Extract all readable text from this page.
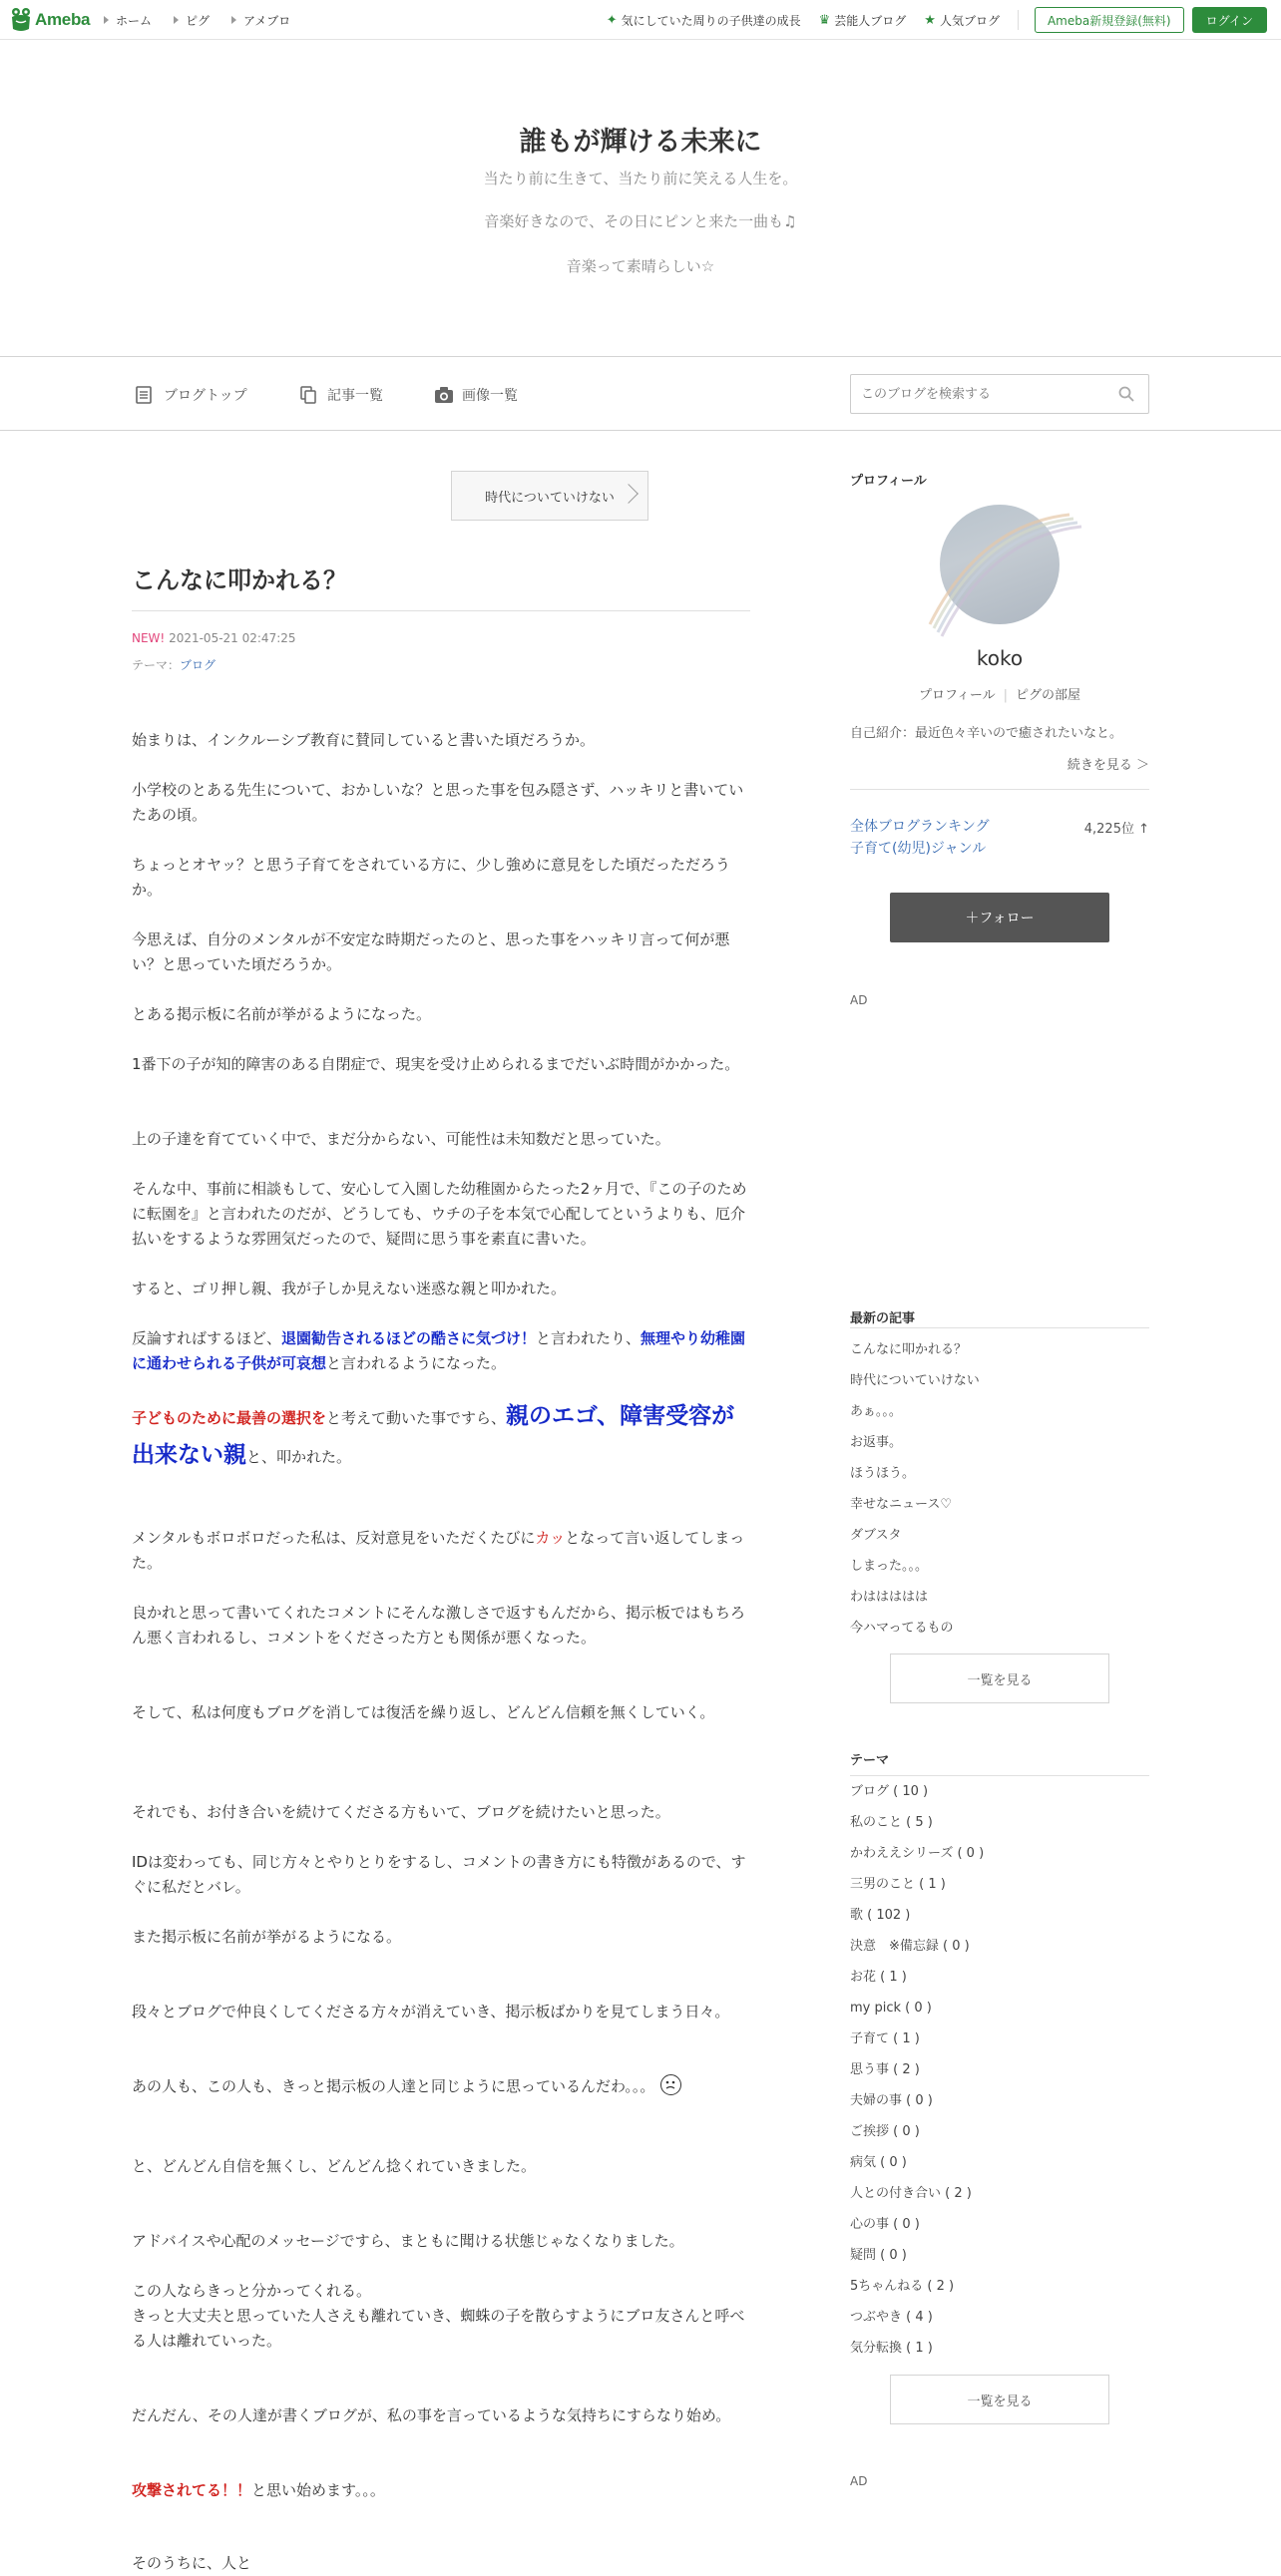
Ameba ホーム	ピグ	アメブロ	✦ 気にしていた周りの子供達の成長 ♛ 芸能人ブログ ★ 人気ブログ	Ameba新規登録(無料)	ログイン
誰もが輝ける未来に
当たり前に生きて、当たり前に笑える人生を。
音楽好きなので、その日にピンと来た一曲も♫
音楽って素晴らしい☆
ブログトップ	記事一覧	画像一覧
このブログを検索する
時代についていけない
こんなに叩かれる？
NEW! 2021-05-21 02:47:25
テーマ：ブログ

始まりは、インクルーシブ教育に賛同していると書いた頃だろうか。

小学校のとある先生について、おかしいな？と思った事を包み隠さず、ハッキリと書いていたあの頃。

ちょっとオヤッ？と思う子育てをされている方に、少し強めに意見をした頃だっただろうか。

今思えば、自分のメンタルが不安定な時期だったのと、思った事をハッキリ言って何が悪い？と思っていた頃だろうか。

とある掲示板に名前が挙がるようになった。

1番下の子が知的障害のある自閉症で、現実を受け止められるまでだいぶ時間がかかった。

上の子達を育てていく中で、まだ分からない、可能性は未知数だと思っていた。

そんな中、事前に相談もして、安心して入園した幼稚園からたった2ヶ月で、『この子のために転園を』と言われたのだが、どうしても、ウチの子を本気で心配してというよりも、厄介払いをするような雰囲気だったので、疑問に思う事を素直に書いた。

すると、ゴリ押し親、我が子しか見えない迷惑な親と叩かれた。

反論すればするほど、退園勧告されるほどの酷さに気づけ！と言われたり、無理やり幼稚園に通わせられる子供が可哀想と言われるようになった。

子どものために最善の選択をと考えて動いた事ですら、親のエゴ、障害受容が出来ない親と、叩かれた。

メンタルもボロボロだった私は、反対意見をいただくたびにカッとなって言い返してしまった。

良かれと思って書いてくれたコメントにそんな激しさで返すもんだから、掲示板ではもちろん悪く言われるし、コメントをくださった方とも関係が悪くなった。

そして、私は何度もブログを消しては復活を繰り返し、どんどん信頼を無くしていく。

それでも、お付き合いを続けてくださる方もいて、ブログを続けたいと思った。

IDは変わっても、同じ方々とやりとりをするし、コメントの書き方にも特徴があるので、すぐに私だとバレ。

また掲示板に名前が挙がるようになる。

段々とブログで仲良くしてくださる方々が消えていき、掲示板ばかりを見てしまう日々。

あの人も、この人も、きっと掲示板の人達と同じように思っているんだわ。。。

と、どんどん自信を無くし、どんどん捻くれていきました。

アドバイスや心配のメッセージですら、まともに聞ける状態じゃなくなりました。

この人ならきっと分かってくれる。
きっと大丈夫と思っていた人さえも離れていき、蜘蛛の子を散らすようにブロ友さんと呼べる人は離れていった。

だんだん、その人達が書くブログが、私の事を言っているような気持ちにすらなり始め。

攻撃されてる！！と思い始めます。。。

そのうちに、人と

プロフィール
koko
プロフィール | ピグの部屋
自己紹介：最近色々辛いので癒されたいなと。
続きを見る ＞
全体ブログランキング
子育て(幼児)ジャンル
4,225位 ↑
＋フォロー
AD
最新の記事
こんなに叩かれる？
時代についていけない
あぁ。。。
お返事。
ほうほう。
幸せなニュース♡
ダブスタ
しまった。。。
わははははは
今ハマってるもの
一覧を見る
テーマ
ブログ ( 10 )
私のこと ( 5 )
かわええシリーズ ( 0 )
三男のこと ( 1 )
歌 ( 102 )
決意　※備忘録 ( 0 )
お花 ( 1 )
my pick ( 0 )
子育て ( 1 )
思う事 ( 2 )
夫婦の事 ( 0 )
ご挨拶 ( 0 )
病気 ( 0 )
人との付き合い ( 2 )
心の事 ( 0 )
疑問 ( 0 )
5ちゃんねる ( 2 )
つぶやき ( 4 )
気分転換 ( 1 )
一覧を見る
AD
